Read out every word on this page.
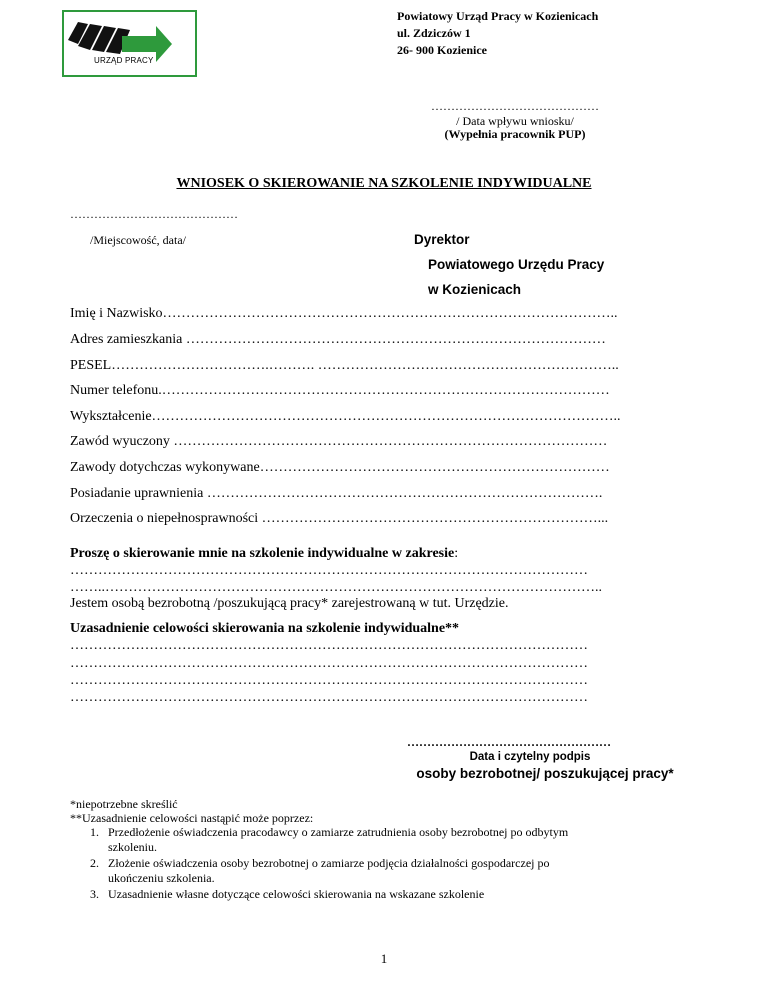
URZĄD PRACY
Powiatowy Urząd Pracy w Kozienicach
ul. Zdziczów 1
26- 900 Kozienice
……………………………………
/ Data wpływu wniosku/
(Wypełnia pracownik PUP)
WNIOSEK O SKIEROWANIE NA SZKOLENIE INDYWIDUALNE
……………………………………
/Miejscowość, data/	Dyrektor
Powiatowego Urzędu Pracy
w Kozienicach
Imię i Nazwisko……………………………………………………………………………………..
Adres zamieszkania ………………………………………………………………………………
PESEL…………………………….………. ………………………………………………………..
Numer telefonu.……………………………………………………………………………………
Wykształcenie………………………………………………………………………………………..
Zawód wyuczony …………………………………………………………………………………
Zawody dotychczas wykonywane…………………………………………………………………
Posiadanie uprawnienia ………………………………………………………………………….
Orzeczenia o niepełnosprawności ………………………………………………………………...
Proszę o skierowanie mnie na szkolenie indywidualne w zakresie:
…………………………………………………………………………………………………
……..……………………………………………………………………………………………..
Jestem osobą bezrobotną /poszukującą pracy* zarejestrowaną w tut. Urzędzie.
Uzasadnienie celowości skierowania na szkolenie indywidualne**
…………………………………………………………………………………………………
…………………………………………………………………………………………………
…………………………………………………………………………………………………
…………………………………………………………………………………………………
……………………………………………
Data i czytelny podpis
osoby bezrobotnej/ poszukującej pracy*
*niepotrzebne skreślić
**Uzasadnienie celowości nastąpić może poprzez:
1. Przedłożenie oświadczenia pracodawcy o zamiarze zatrudnienia osoby bezrobotnej po odbytym
szkoleniu.
2. Złożenie oświadczenia osoby bezrobotnej o zamiarze podjęcia działalności gospodarczej po
ukończeniu szkolenia.
3. Uzasadnienie własne dotyczące celowości skierowania na wskazane szkolenie
1
